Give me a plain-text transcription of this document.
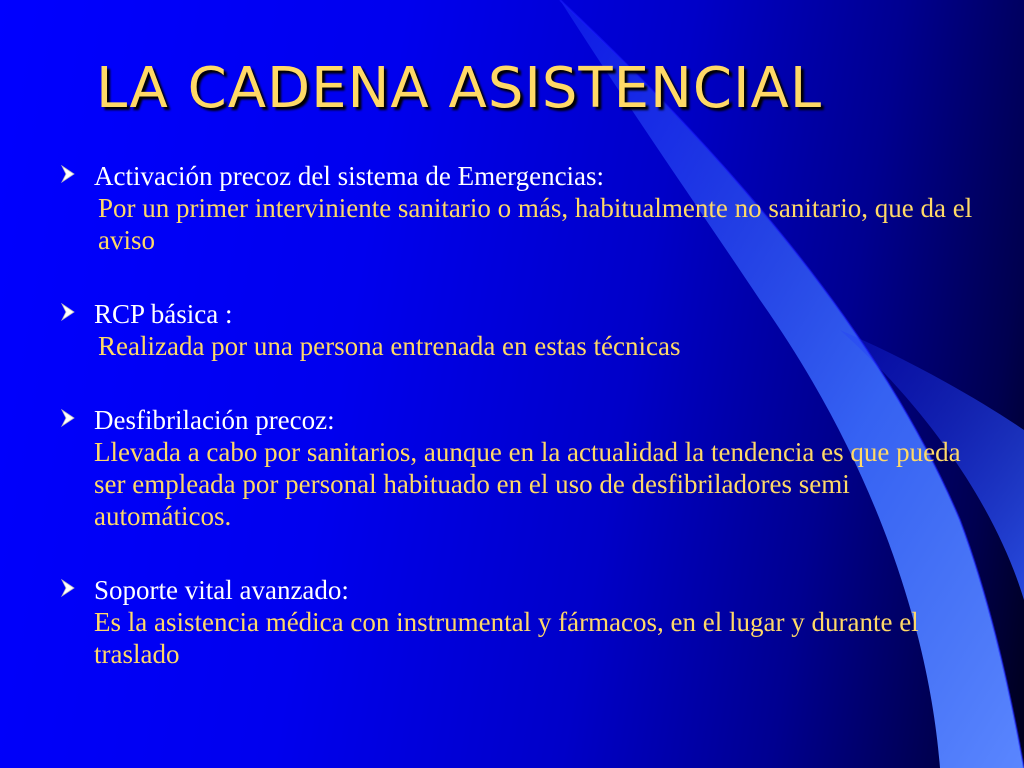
LA CADENA ASISTENCIAL
Activación precoz del sistema de Emergencias:
Por un primer interviniente sanitario o más, habitualmente no sanitario, que da el aviso
RCP básica :
Realizada por una persona entrenada en estas técnicas
Desfibrilación precoz:
Llevada a cabo por sanitarios, aunque en la actualidad la tendencia es que pueda ser empleada por personal habituado en el uso de desfibriladores semi automáticos.
Soporte vital avanzado:
Es la asistencia médica con instrumental y fármacos, en el lugar y durante el traslado
